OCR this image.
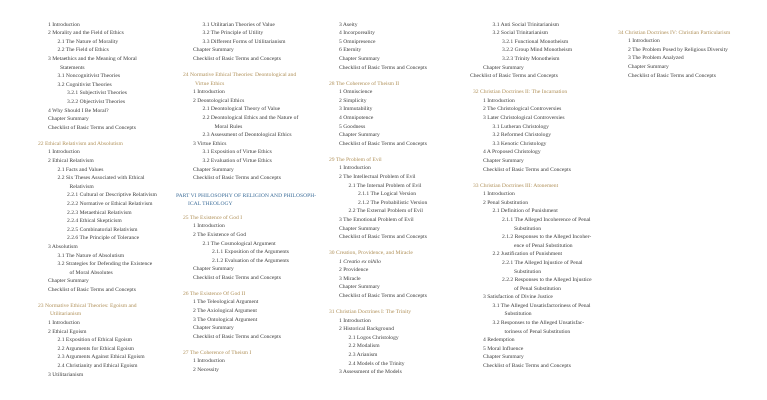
1 Introduction
2 Morality and the Field of Ethics
2.1 The Nature of Morality
2.2 The Field of Ethics
3 Metaethics and the Meaning of Moral
Statements
3.1 Noncognitivist Theories
3.2 Cognitivist Theories
3.2.1 Subjectivist Theories
3.2.2 Objectivist Theories
4 Why Should I Be Moral?
Chapter Summary
Checklist of Basic Terms and Concepts
22 Ethical Relativism and Absolutism
1 Introduction
2 Ethical Relativism
2.1 Facts and Values
2.2 Six Theses Associated with Ethical
Relativism
2.2.1 Cultural or Descriptive Relativism
2.2.2 Normative or Ethical Relativism
2.2.3 Metaethical Relativism
2.2.4 Ethical Skepticism
2.2.5 Combinatorial Relativism
2.2.6 The Principle of Tolerance
3 Absolutism
3.1 The Nature of Absolutism
3.2 Strategies for Defending the Existence
of Moral Absolutes
Chapter Summary
Checklist of Basic Terms and Concepts
23 Normative Ethical Theories: Egoism and
Utilitarianism
1 Introduction
2 Ethical Egoism
2.1 Exposition of Ethical Egoism
2.2 Arguments for Ethical Egoism
2.3 Arguments Against Ethical Egoism
2.4 Christianity and Ethical Egoism
3 Utilitarianism
3.1 Utilitarian Theories of Value
3.2 The Principle of Utility
3.3 Different Forms of Utilitarianism
Chapter Summary
Checklist of Basic Terms and Concepts
24 Normative Ethical Theories: Deontological and
Virtue Ethics
1 Introduction
2 Deontological Ethics
2.1 Deontological Theory of Value
2.2 Deontological Ethics and the Nature of
Moral Rules
2.3 Assessment of Deontological Ethics
3 Virtue Ethics
3.1 Exposition of Virtue Ethics
3.2 Evaluation of Virtue Ethics
Chapter Summary
Checklist of Basic Terms and Concepts
PART VI PHILOSOPHY OF RELIGION AND PHILOSOPH-
ICAL THEOLOGY
25 The Existence of God I
1 Introduction
2 The Existence of God
2.1 The Cosmological Argument
2.1.1 Exposition of the Arguments
2.1.2 Evaluation of the Arguments
Chapter Summary
Checklist of Basic Terms and Concepts
26 The Existence Of God II
1 The Teleological Argument
2 The Axiological Argument
3 The Ontological Argument
Chapter Summary
Checklist of Basic Terms and Concepts
27 The Coherence of Theism I
1 Introduction
2 Necessity
3 Aseity
4 Incorporeality
5 Omnipresence
6 Eternity
Chapter Summary
Checklist of Basic Terms and Concepts
28 The Coherence of Theism II
1 Omniscience
2 Simplicity
3 Immutability
4 Omnipotence
5 Goodness
Chapter Summary
Checklist of Basic Terms and Concepts
29 The Problem of Evil
1 Introduction
2 The Intellectual Problem of Evil
2.1 The Internal Problem of Evil
2.1.1 The Logical Version
2.1.2 The Probabilistic Version
2.2 The External Problem of Evil
3 The Emotional Problem of Evil
Chapter Summary
Checklist of Basic Terms and Concepts
30 Creation, Providence, and Miracle
1 Creatio ex nihilo
2 Providence
3 Miracle
Chapter Summary
Checklist of Basic Terms and Concepts
31 Christian Doctrines I: The Trinity
1 Introduction
2 Historical Background
2.1 Logos Christology
2.2 Modalism
2.3 Arianism
2.4 Models of the Trinity
3 Assessment of the Models
3.1 Anti Social Trinitarianism
3.2 Social Trinitarianism
3.2.1 Functional Monotheism
3.2.2 Group Mind Monotheism
3.2.3 Trinity Monotheism
Chapter Summary
Checklist of Basic Terms and Concepts
32 Christian Doctrines II: The Incarnation
1 Introduction
2 The Christological Controversies
3 Later Christological Controversies
3.1 Lutheran Christology
3.2 Reformed Christology
3.3 Kenotic Christology
4 A Proposed Christology
Chapter Summary
Checklist of Basic Terms and Concepts
33 Christian Doctrines III: Atonement
1 Introduction
2 Penal Substitution
2.1 Definition of Punishment
2.1.1 The Alleged Incoherence of Penal
Substitution
2.1.2 Responses to the Alleged Incoher-
ence of Penal Substitution
2.2 Justification of Punishment
2.2.1 The Alleged Injustice of Penal
Substitution
2.2.2 Responses to the Alleged Injustice
of Penal Substitution
3 Satisfaction of Divine Justice
3.1 The Alleged Unsatisfactoriness of Penal
Substitution
3.2 Responses to the Alleged Unsatisfac-
toriness of Penal Substitution
4 Redemption
5 Moral Influence
Chapter Summary
Checklist of Basic Terms and Concepts
34 Christian Doctrines IV: Christian Particularism
1 Introduction
2 The Problem Posed by Religious Diversity
3 The Problem Analyzed
Chapter Summary
Checklist of Basic Terms and Concepts
